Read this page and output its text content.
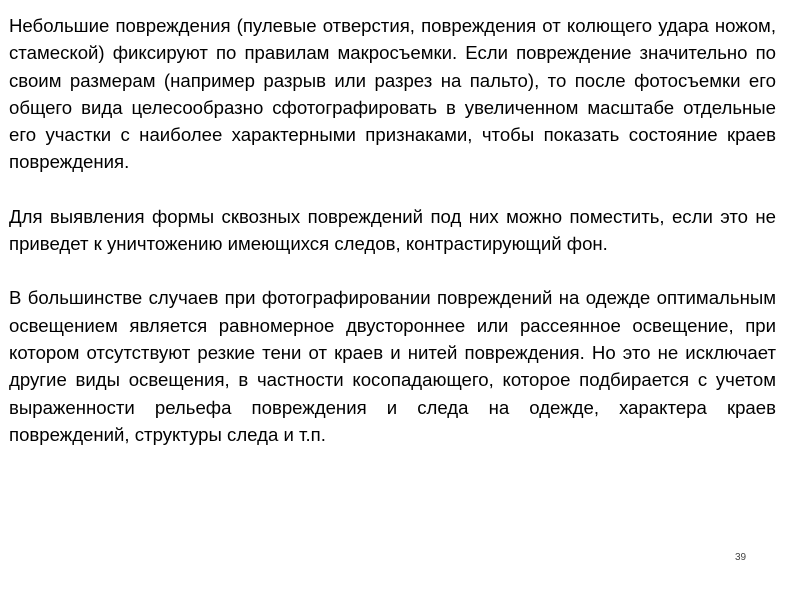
Небольшие повреждения (пулевые отверстия, повреждения от колющего удара ножом, стамеской) фиксируют по правилам макросъемки. Если повреждение значительно по своим размерам (например разрыв или разрез на пальто), то после фотосъемки его общего вида целесообразно сфотографировать в увеличенном масштабе отдельные его участки с наиболее характерными признаками, чтобы показать состояние краев повреждения.

Для выявления формы сквозных повреждений под них можно поместить, если это не приведет к уничтожению имеющихся следов, контрастирующий фон.

В большинстве случаев при фотографировании повреждений на одежде оптимальным освещением является равномерное двустороннее или рассеянное освещение, при котором отсутствуют резкие тени от краев и нитей повреждения. Но это не исключает другие виды освещения, в частности косопадающего, которое подбирается с учетом выраженности рельефа повреждения и следа на одежде, характера краев повреждений, структуры следа и т.п.

39
